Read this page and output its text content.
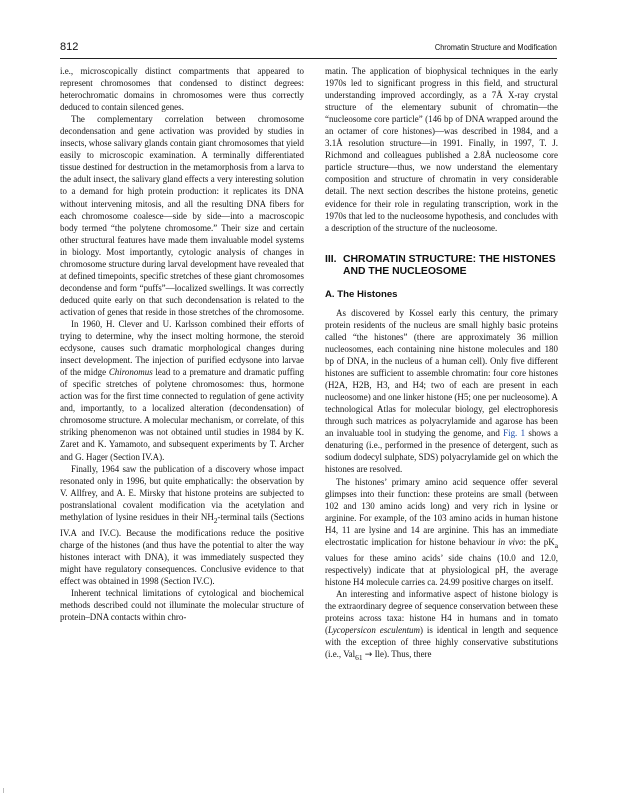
812	Chromatin Structure and Modification

i.e., microscopically distinct compartments that appeared to represent chromosomes that condensed to distinct degrees: heterochromatic domains in chromosomes were thus correctly deduced to contain silenced genes.

The complementary correlation between chromosome decondensation and gene activation was provided by studies in insects, whose salivary glands contain giant chromosomes that yield easily to microscopic examination. A terminally differentiated tissue destined for destruction in the metamorphosis from a larva to the adult insect, the salivary gland effects a very interesting solution to a demand for high protein production: it replicates its DNA without intervening mitosis, and all the resulting DNA fibers for each chromosome coalesce—side by side—into a macroscopic body termed “the polytene chromosome.” Their size and certain other structural features have made them invaluable model systems in biology. Most importantly, cytologic analysis of changes in chromosome structure during larval development have revealed that at defined timepoints, specific stretches of these giant chromosomes decondense and form “puffs”—localized swellings. It was correctly deduced quite early on that such decondensation is related to the activation of genes that reside in those stretches of the chromosome.

In 1960, H. Clever and U. Karlsson combined their efforts of trying to determine, why the insect molting hormone, the steroid ecdysone, causes such dramatic morphological changes during insect development. The injection of purified ecdysone into larvae of the midge Chironomus lead to a premature and dramatic puffing of specific stretches of polytene chromosomes: thus, hormone action was for the first time connected to regulation of gene activity and, importantly, to a localized alteration (decondensation) of chromosome structure. A molecular mechanism, or correlate, of this striking phenomenon was not obtained until studies in 1984 by K. Zaret and K. Yamamoto, and subsequent experiments by T. Archer and G. Hager (Section IV.A).

Finally, 1964 saw the publication of a discovery whose impact resonated only in 1996, but quite emphatically: the observation by V. Allfrey, and A. E. Mirsky that histone proteins are subjected to postranslational covalent modification via the acetylation and methylation of lysine residues in their $NH_2$-terminal tails (Sections IV.A and IV.C). Because the modifications reduce the positive charge of the histones (and thus have the potential to alter the way histones interact with DNA), it was immediately suspected they might have regulatory consequences. Conclusive evidence to that effect was obtained in 1998 (Section IV.C).

Inherent technical limitations of cytological and biochemical methods described could not illuminate the molecular structure of protein–DNA contacts within chro-

matin. The application of biophysical techniques in the early 1970s led to significant progress in this field, and structural understanding improved accordingly, as a 7Å X-ray crystal structure of the elementary subunit of chromatin—the “nucleosome core particle” (146 bp of DNA wrapped around the an octamer of core histones)—was described in 1984, and a 3.1Å resolution structure—in 1991. Finally, in 1997, T. J. Richmond and colleagues published a 2.8Å nucleosome core particle structure—thus, we now understand the elementary composition and structure of chromatin in very considerable detail. The next section describes the histone proteins, genetic evidence for their role in regulating transcription, work in the 1970s that led to the nucleosome hypothesis, and concludes with a description of the structure of the nucleosome.

III. CHROMATIN STRUCTURE: THE HISTONES AND THE NUCLEOSOME
A. The Histones

As discovered by Kossel early this century, the primary protein residents of the nucleus are small highly basic proteins called “the histones” (there are approximately 36 million nucleosomes, each containing nine histone molecules and 180 bp of DNA, in the nucleus of a human cell). Only five different histones are sufficient to assemble chromatin: four core histones (H2A, H2B, H3, and H4; two of each are present in each nucleosome) and one linker histone (H5; one per nucleosome). A technological Atlas for molecular biology, gel electrophoresis through such matrices as polyacrylamide and agarose has been an invaluable tool in studying the genome, and Fig. 1 shows a denaturing (i.e., performed in the presence of detergent, such as sodium dodecyl sulphate, SDS) polyacrylamide gel on which the histones are resolved.

The histones’ primary amino acid sequence offer several glimpses into their function: these proteins are small (between 102 and 130 amino acids long) and very rich in lysine or arginine. For example, of the 103 amino acids in human histone H4, 11 are lysine and 14 are arginine. This has an immediate electrostatic implication for histone behaviour in vivo: the $pK_a$ values for these amino acids’ side chains (10.0 and 12.0, respectively) indicate that at physiological pH, the average histone H4 molecule carries ca. 24.99 positive charges on itself.

An interesting and informative aspect of histone biology is the extraordinary degree of sequence conservation between these proteins across taxa: histone H4 in humans and in tomato (Lycopersicon esculentum) is identical in length and sequence with the exception of three highly conservative substitutions (i.e., Val$_{61}$ → Ile). Thus, there
